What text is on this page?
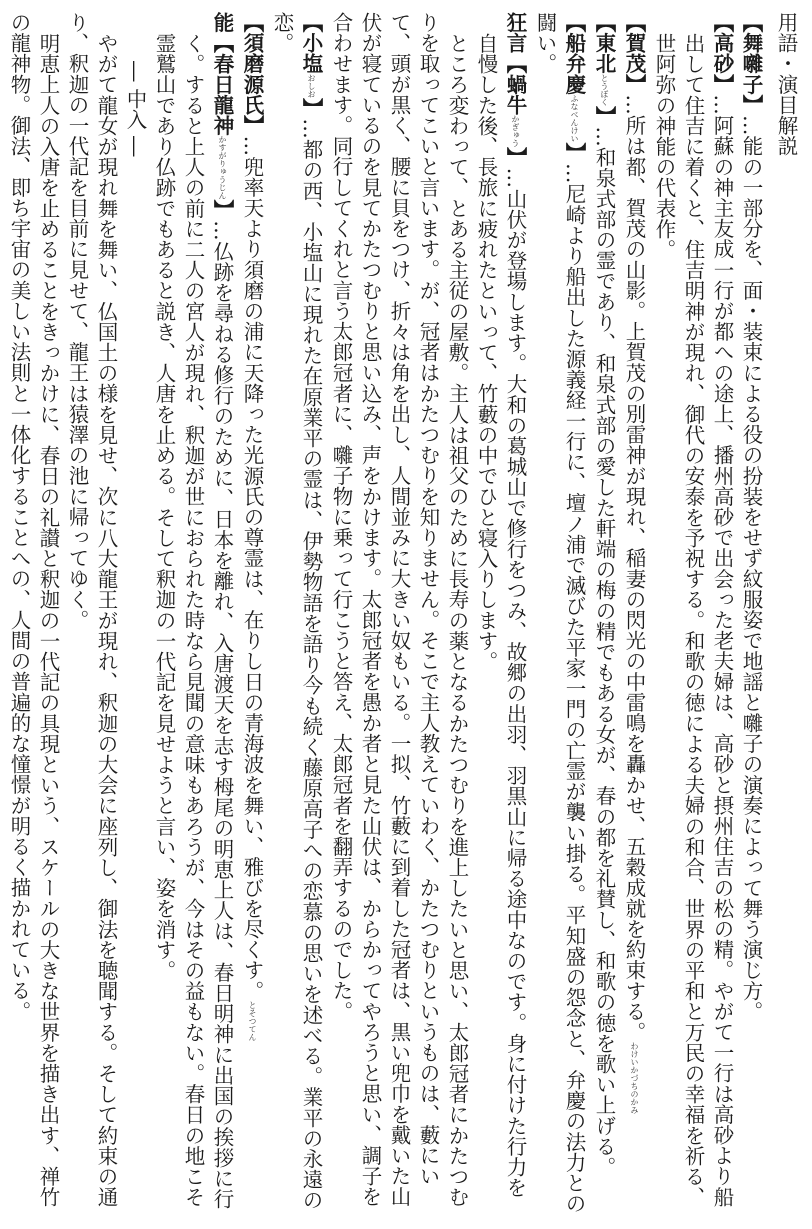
用語・演目解説

【舞囃子】…能の一部分を、面・装束による役の扮装をせず紋服姿で地謡と囃子の演奏によって舞う演じ方。

【高砂】…阿蘇の神主友成一行が都への途上、播州高砂で出会った老夫婦は、高砂と摂州住吉の松の精。やがて一行は高砂より船出して住吉に着くと、住吉明神が現れ、御代の安泰を予祝する。和歌の徳による夫婦の和合、世界の平和と万民の幸福を祈る、世阿弥の神能の代表作。

【賀茂】…所は都、賀茂の山影。上賀茂の別雷神が現れ、稲妻の閃光の中雷鳴を轟かせ、五穀成就を約束する。わけいかづちのかみ

【東北とうぼく】…和泉式部の霊であり、和泉式部の愛した軒端の梅の精でもある女が、春の都を礼賛し、和歌の徳を歌い上げる。

【船弁慶ふなべんけい】…尼崎より船出した源義経一行に、壇ノ浦で滅びた平家一門の亡霊が襲い掛る。平知盛の怨念と、弁慶の法力との闘い。

狂言【蝸牛かぎゅう】…山伏が登場します。大和の葛城山で修行をつみ、故郷の出羽、羽黒山に帰る途中なのです。身に付けた行力を自慢した後、長旅に疲れたといって、竹藪の中でひと寝入りします。

ところ変わって、とある主従の屋敷。主人は祖父のために長寿の薬となるかたつむりを進上したいと思い、太郎冠者にかたつむりを取ってこいと言います。が、冠者はかたつむりを知りません。そこで主人教えていわく、かたつむりというものは、藪にいて、頭が黒く、腰に貝をつけ、折々は角を出し、人間並みに大きい奴もいる。一拟、竹藪に到着した冠者は、黒い兜巾を戴いた山伏が寝ているのを見てかたつむりと思い込み、声をかけます。太郎冠者を愚か者と見た山伏は、からかってやろうと思い、調子を合わせます。同行してくれと言う太郎冠者に、囃子物に乗って行こうと答え、太郎冠者を翻弄するのでした。

【小塩おしお】…都の西、小塩山に現れた在原業平の霊は、伊勢物語を語り今も続く藤原高子への恋慕の思いを述べる。業平の永遠の恋。

【須磨源氏】…兜率天より須磨の浦に天降った光源氏の尊霊は、在りし日の青海波を舞い、雅びを尽くす。とそつてん

能【春日龍神かすがりゅうじん】…仏跡を尋ねる修行のために、日本を離れ、入唐渡天を志す栂尾の明恵上人は、春日明神に出国の挨拶に行く。すると上人の前に二人の宮人が現れ、釈迦が世におられた時なら見聞の意味もあろうが、今はその益もない。春日の地こそ霊鷲山であり仏跡でもあると説き、人唐を止める。そして釈迦の一代記を見せようと言い、姿を消す。

― 中入 ―

やがて龍女が現れ舞を舞い、仏国土の様を見せ、次に八大龍王が現れ、釈迦の大会に座列し、御法を聴聞する。そして約束の通り、釈迦の一代記を目前に見せて、龍王は猿澤の池に帰ってゆく。

明恵上人の入唐を止めることをきっかけに、春日の礼讃と釈迦の一代記の具現という、スケールの大きな世界を描き出す、禅竹の龍神物。御法、即ち宇宙の美しい法則と一体化することへの、人間の普遍的な憧憬が明るく描かれている。
